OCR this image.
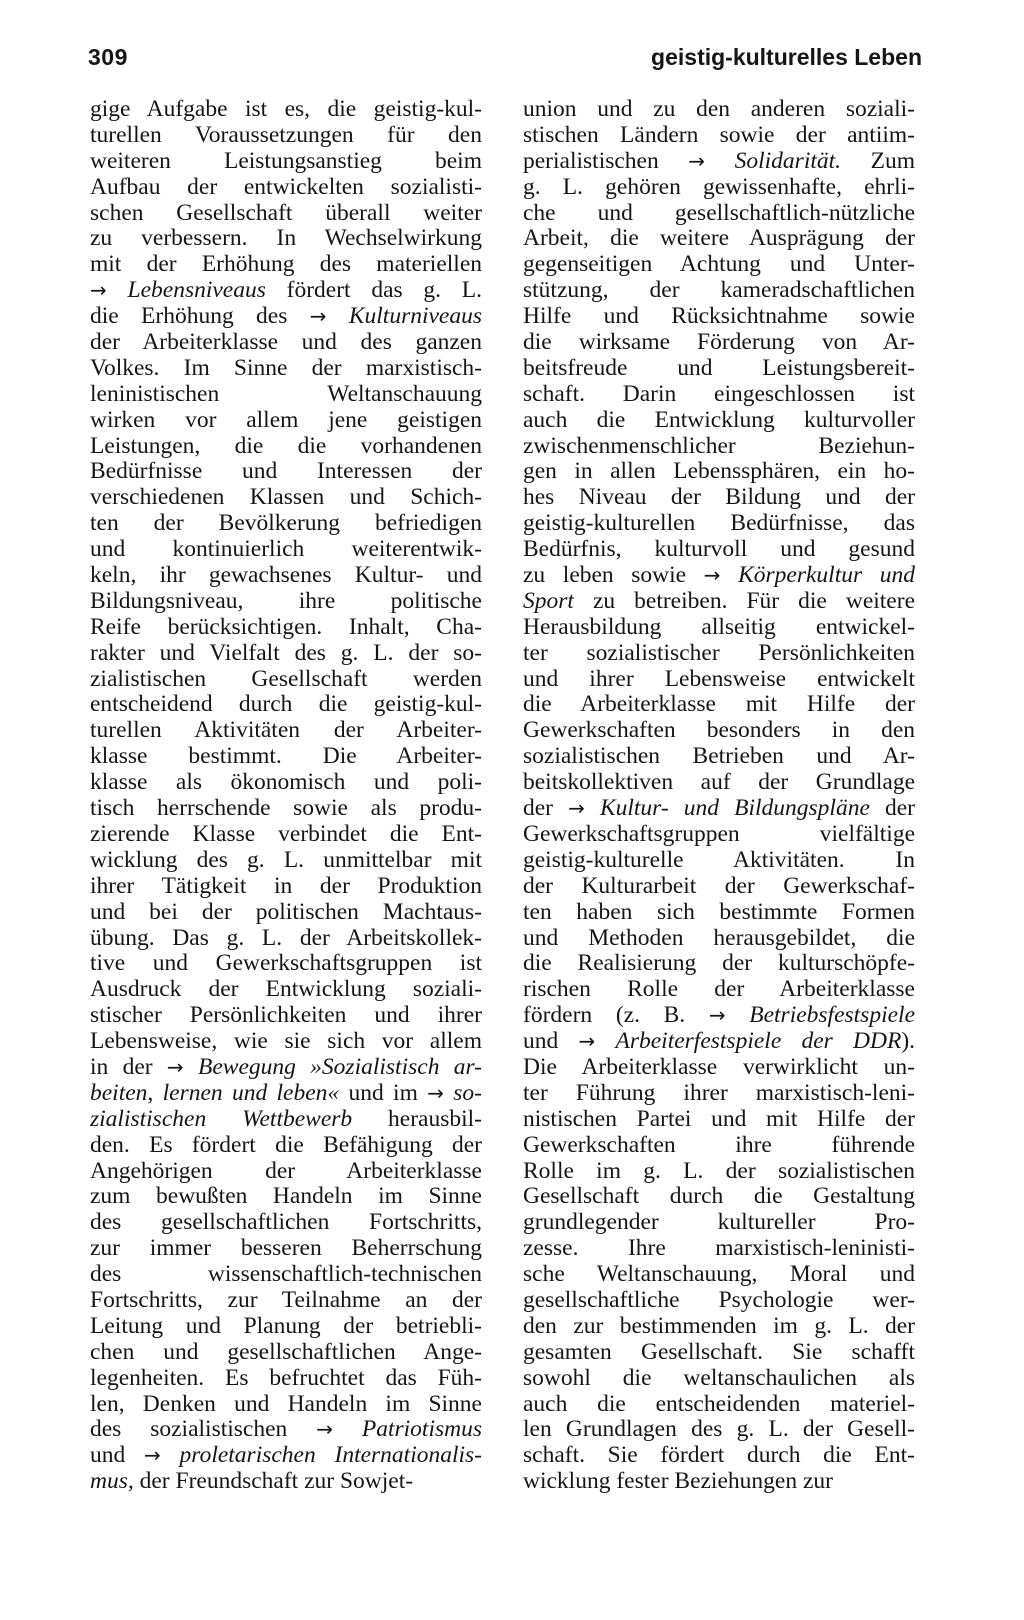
309	geistig-kulturelles Leben
gige Aufgabe ist es, die geistig-kul-
turellen Voraussetzungen für den
weiteren Leistungsanstieg beim
Aufbau der entwickelten sozialisti-
schen Gesellschaft überall weiter
zu verbessern. In Wechselwirkung
mit der Erhöhung des materiellen
→ Lebensniveaus fördert das g. L.
die Erhöhung des → Kulturniveaus
der Arbeiterklasse und des ganzen
Volkes. Im Sinne der marxistisch-
leninistischen Weltanschauung
wirken vor allem jene geistigen
Leistungen, die die vorhandenen
Bedürfnisse und Interessen der
verschiedenen Klassen und Schich-
ten der Bevölkerung befriedigen
und kontinuierlich weiterentwik-
keln, ihr gewachsenes Kultur- und
Bildungsniveau, ihre politische
Reife berücksichtigen. Inhalt, Cha-
rakter und Vielfalt des g. L. der so-
zialistischen Gesellschaft werden
entscheidend durch die geistig-kul-
turellen Aktivitäten der Arbeiter-
klasse bestimmt. Die Arbeiter-
klasse als ökonomisch und poli-
tisch herrschende sowie als produ-
zierende Klasse verbindet die Ent-
wicklung des g. L. unmittelbar mit
ihrer Tätigkeit in der Produktion
und bei der politischen Machtaus-
übung. Das g. L. der Arbeitskollek-
tive und Gewerkschaftsgruppen ist
Ausdruck der Entwicklung soziali-
stischer Persönlichkeiten und ihrer
Lebensweise, wie sie sich vor allem
in der → Bewegung »Sozialistisch ar-
beiten, lernen und leben« und im → so-
zialistischen Wettbewerb herausbil-
den. Es fördert die Befähigung der
Angehörigen der Arbeiterklasse
zum bewußten Handeln im Sinne
des gesellschaftlichen Fortschritts,
zur immer besseren Beherrschung
des wissenschaftlich-technischen
Fortschritts, zur Teilnahme an der
Leitung und Planung der betriebli-
chen und gesellschaftlichen Ange-
legenheiten. Es befruchtet das Füh-
len, Denken und Handeln im Sinne
des sozialistischen → Patriotismus
und → proletarischen Internationalis-
mus, der Freundschaft zur Sowjet-
union und zu den anderen soziali-
stischen Ländern sowie der antiim-
perialistischen → Solidarität. Zum
g. L. gehören gewissenhafte, ehrli-
che und gesellschaftlich-nützliche
Arbeit, die weitere Ausprägung der
gegenseitigen Achtung und Unter-
stützung, der kameradschaftlichen
Hilfe und Rücksichtnahme sowie
die wirksame Förderung von Ar-
beitsfreude und Leistungsbereit-
schaft. Darin eingeschlossen ist
auch die Entwicklung kulturvoller
zwischenmenschlicher Beziehun-
gen in allen Lebenssphären, ein ho-
hes Niveau der Bildung und der
geistig-kulturellen Bedürfnisse, das
Bedürfnis, kulturvoll und gesund
zu leben sowie → Körperkultur und
Sport zu betreiben. Für die weitere
Herausbildung allseitig entwickel-
ter sozialistischer Persönlichkeiten
und ihrer Lebensweise entwickelt
die Arbeiterklasse mit Hilfe der
Gewerkschaften besonders in den
sozialistischen Betrieben und Ar-
beitskollektiven auf der Grundlage
der → Kultur- und Bildungspläne der
Gewerkschaftsgruppen vielfältige
geistig-kulturelle Aktivitäten. In
der Kulturarbeit der Gewerkschaf-
ten haben sich bestimmte Formen
und Methoden herausgebildet, die
die Realisierung der kulturschöpfe-
rischen Rolle der Arbeiterklasse
fördern (z. B. → Betriebsfestspiele
und → Arbeiterfestspiele der DDR).
Die Arbeiterklasse verwirklicht un-
ter Führung ihrer marxistisch-leni-
nistischen Partei und mit Hilfe der
Gewerkschaften ihre führende
Rolle im g. L. der sozialistischen
Gesellschaft durch die Gestaltung
grundlegender kultureller Pro-
zesse. Ihre marxistisch-leninisti-
sche Weltanschauung, Moral und
gesellschaftliche Psychologie wer-
den zur bestimmenden im g. L. der
gesamten Gesellschaft. Sie schafft
sowohl die weltanschaulichen als
auch die entscheidenden materiel-
len Grundlagen des g. L. der Gesell-
schaft. Sie fördert durch die Ent-
wicklung fester Beziehungen zur
